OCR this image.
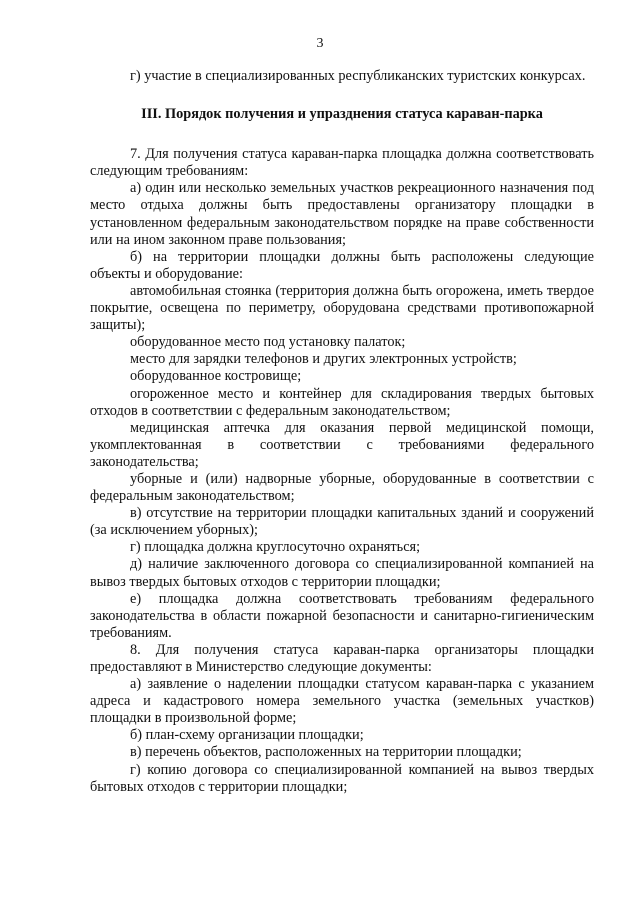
3

г) участие в специализированных республиканских туристских конкурсах.

III. Порядок получения и упразднения статуса караван-парка

7. Для получения статуса караван-парка площадка должна соответствовать следующим требованиям:

а) один или несколько земельных участков рекреационного назначения под место отдыха должны быть предоставлены организатору площадки в установленном федеральным законодательством порядке на праве собственности или на ином законном праве пользования;

б) на территории площадки должны быть расположены следующие объекты и оборудование:

автомобильная стоянка (территория должна быть огорожена, иметь твердое покрытие, освещена по периметру, оборудована средствами противопожарной защиты);

оборудованное место под установку палаток;

место для зарядки телефонов и других электронных устройств;

оборудованное костровище;

огороженное место и контейнер для складирования твердых бытовых отходов в соответствии с федеральным законодательством;

медицинская аптечка для оказания первой медицинской помощи, укомплектованная в соответствии с требованиями федерального законодательства;

уборные и (или) надворные уборные, оборудованные в соответствии с федеральным законодательством;

в) отсутствие на территории площадки капитальных зданий и сооружений (за исключением уборных);

г) площадка должна круглосуточно охраняться;

д) наличие заключенного договора со специализированной компанией на вывоз твердых бытовых отходов с территории площадки;

е) площадка должна соответствовать требованиям федерального законодательства в области пожарной безопасности и санитарно-гигиеническим требованиям.

8. Для получения статуса караван-парка организаторы площадки предоставляют в Министерство следующие документы:

а) заявление о наделении площадки статусом караван-парка с указанием адреса и кадастрового номера земельного участка (земельных участков) площадки в произвольной форме;

б) план-схему организации площадки;

в) перечень объектов, расположенных на территории площадки;

г) копию договора со специализированной компанией на вывоз твердых бытовых отходов с территории площадки;
